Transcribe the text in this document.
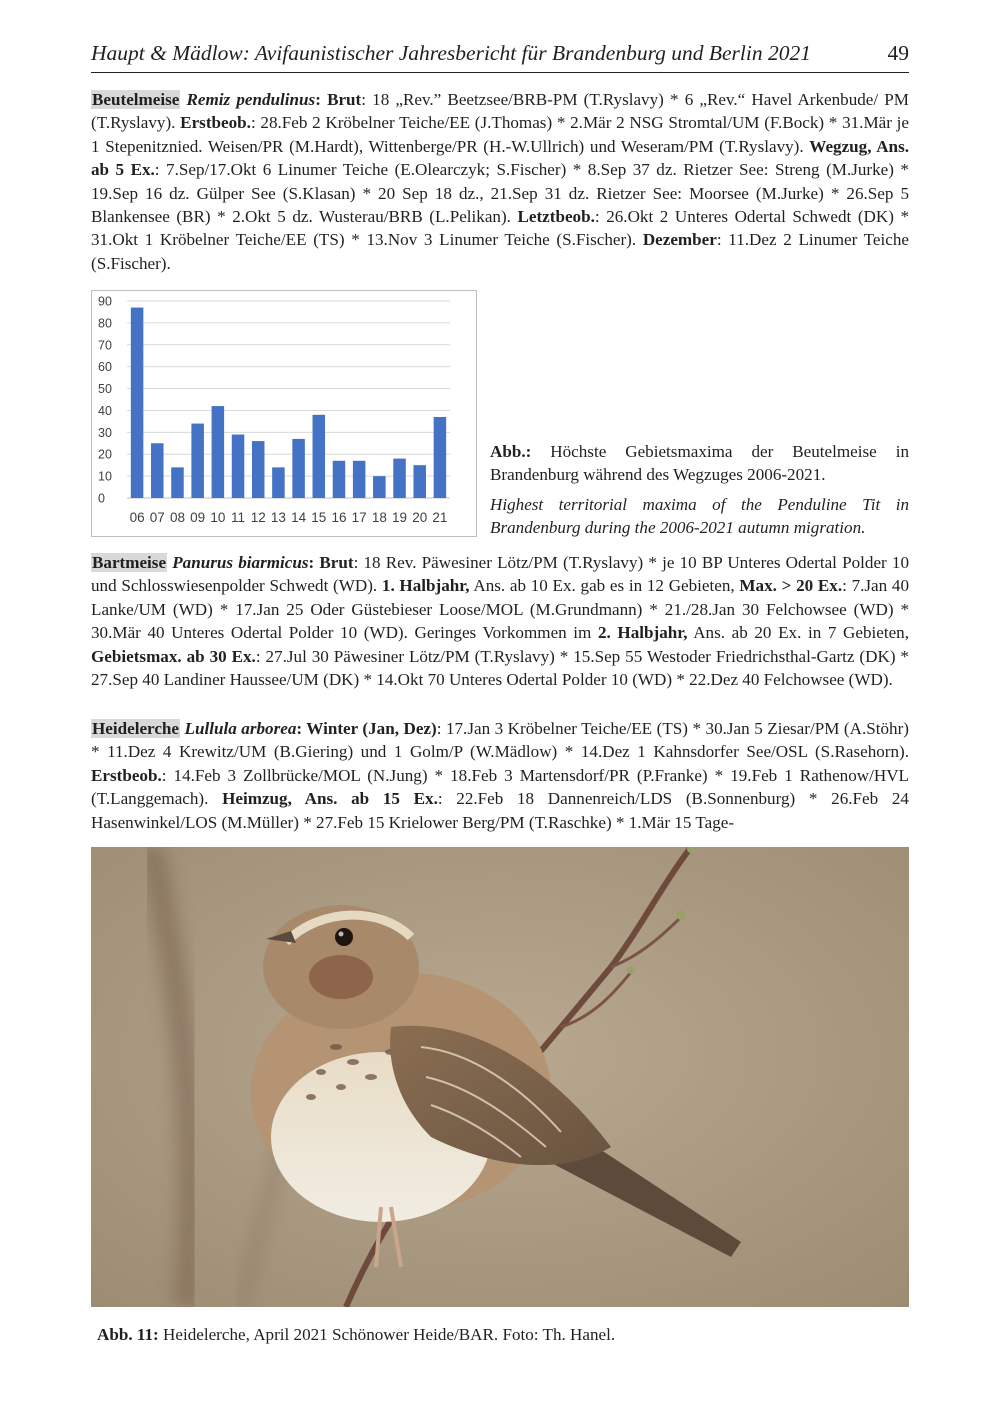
Haupt & Mädlow: Avifaunistischer Jahresbericht für Brandenburg und Berlin 2021	49

Beutelmeise Remiz pendulinus: Brut: 18 „Rev.” Beetzsee/BRB-PM (T.Ryslavy) * 6 „Rev.“ Havel Arkenbude/ PM (T.Ryslavy). Erstbeob.: 28.Feb 2 Kröbelner Teiche/EE (J.Thomas) * 2.Mär 2 NSG Stromtal/UM (F.Bock) * 31.Mär je 1 Stepenitznied. Weisen/PR (M.Hardt), Wittenberge/PR (H.-W.Ullrich) und Weseram/PM (T.Ryslavy). Wegzug, Ans. ab 5 Ex.: 7.Sep/17.Okt 6 Linumer Teiche (E.Olearczyk; S.Fischer) * 8.Sep 37 dz. Rietzer See: Streng (M.Jurke) * 19.Sep 16 dz. Gülper See (S.Klasan) * 20 Sep 18 dz., 21.Sep 31 dz. Rietzer See: Moorsee (M.Jurke) * 26.Sep 5 Blankensee (BR) * 2.Okt 5 dz. Wusterau/BRB (L.Pelikan). Letztbeob.: 26.Okt 2 Unteres Odertal Schwedt (DK) * 31.Okt 1 Kröbelner Teiche/EE (TS) * 13.Nov 3 Linumer Teiche (S.Fischer). Dezember: 11.Dez 2 Linumer Teiche (S.Fischer).

0
10
20
30
40
50
60
70
80
90
06 07 08 09 10 11 12 13 14 15 16 17 18 19 20 21

Abb.: Höchste Gebietsmaxima der Beutelmeise in Brandenburg während des Wegzuges 2006-2021.

Highest territorial maxima of the Penduline Tit in Brandenburg during the 2006-2021 autumn migration.

Bartmeise Panurus biarmicus: Brut: 18 Rev. Päwesiner Lötz/PM (T.Ryslavy) * je 10 BP Unteres Odertal Polder 10 und Schlosswiesenpolder Schwedt (WD). 1. Halbjahr, Ans. ab 10 Ex. gab es in 12 Gebieten, Max. > 20 Ex.: 7.Jan 40 Lanke/UM (WD) * 17.Jan 25 Oder Güstebieser Loose/MOL (M.Grundmann) * 21./28.Jan 30 Felchowsee (WD) * 30.Mär 40 Unteres Odertal Polder 10 (WD). Geringes Vorkommen im 2. Halbjahr, Ans. ab 20 Ex. in 7 Gebieten, Gebietsmax. ab 30 Ex.: 27.Jul 30 Päwesiner Lötz/PM (T.Ryslavy) * 15.Sep 55 Westoder Friedrichsthal-Gartz (DK) * 27.Sep 40 Landiner Haussee/UM (DK) * 14.Okt 70 Unteres Odertal Polder 10 (WD) * 22.Dez 40 Felchowsee (WD).

Heidelerche Lullula arborea: Winter (Jan, Dez): 17.Jan 3 Kröbelner Teiche/EE (TS) * 30.Jan 5 Ziesar/PM (A.Stöhr) * 11.Dez 4 Krewitz/UM (B.Giering) und 1 Golm/P (W.Mädlow) * 14.Dez 1 Kahnsdorfer See/OSL (S.Rasehorn). Erstbeob.: 14.Feb 3 Zollbrücke/MOL (N.Jung) * 18.Feb 3 Martensdorf/PR (P.Franke) * 19.Feb 1 Rathenow/HVL (T.Langgemach). Heimzug, Ans. ab 15 Ex.: 22.Feb 18 Dannenreich/LDS (B.Sonnenburg) * 26.Feb 24 Hasenwinkel/LOS (M.Müller) * 27.Feb 15 Krielower Berg/PM (T.Raschke) * 1.Mär 15 Tage-

Abb. 11: Heidelerche, April 2021 Schönower Heide/BAR. Foto: Th. Hanel.
